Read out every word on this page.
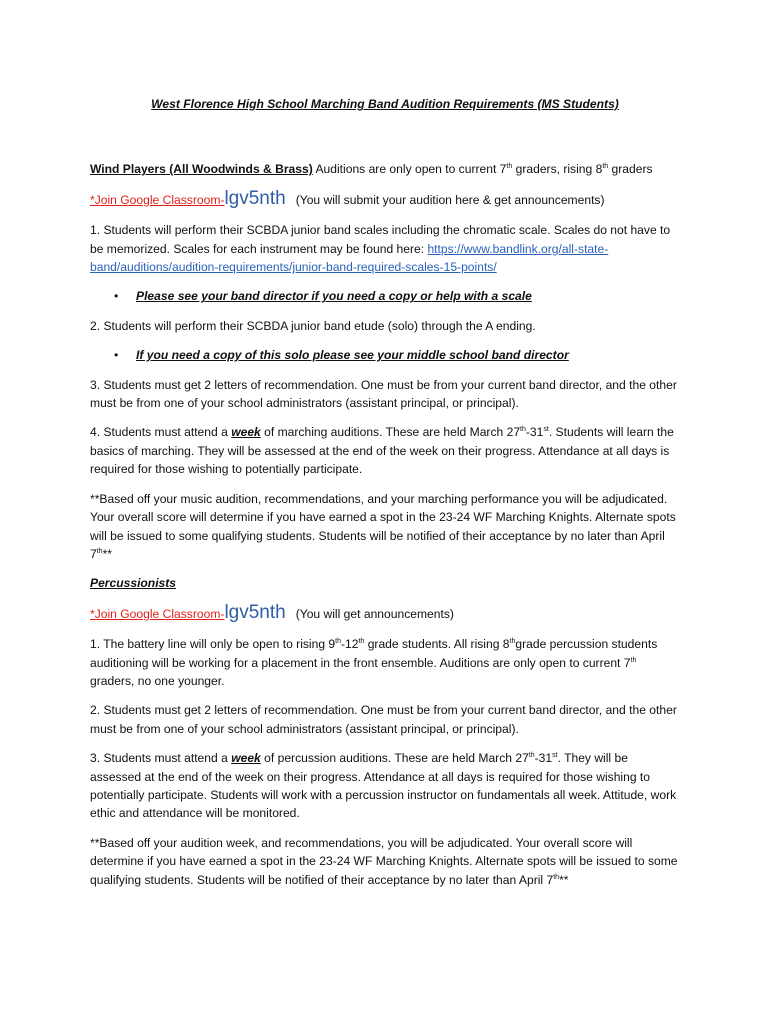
West Florence High School Marching Band Audition Requirements (MS Students)

Wind Players (All Woodwinds & Brass) Auditions are only open to current 7th graders, rising 8th graders

*Join Google Classroom- lgv5nth (You will submit your audition here & get announcements)

1. Students will perform their SCBDA junior band scales including the chromatic scale. Scales do not have to be memorized. Scales for each instrument may be found here: https://www.bandlink.org/all-state-band/auditions/audition-requirements/junior-band-required-scales-15-points/

• Please see your band director if you need a copy or help with a scale

2. Students will perform their SCBDA junior band etude (solo) through the A ending.

• If you need a copy of this solo please see your middle school band director

3. Students must get 2 letters of recommendation. One must be from your current band director, and the other must be from one of your school administrators (assistant principal, or principal).

4. Students must attend a week of marching auditions. These are held March 27th-31st. Students will learn the basics of marching. They will be assessed at the end of the week on their progress. Attendance at all days is required for those wishing to potentially participate.

**Based off your music audition, recommendations, and your marching performance you will be adjudicated. Your overall score will determine if you have earned a spot in the 23-24 WF Marching Knights. Alternate spots will be issued to some qualifying students. Students will be notified of their acceptance by no later than April 7th**

Percussionists

*Join Google Classroom- lgv5nth (You will get announcements)

1. The battery line will only be open to rising 9th-12th grade students. All rising 8thgrade percussion students auditioning will be working for a placement in the front ensemble. Auditions are only open to current 7th graders, no one younger.

2. Students must get 2 letters of recommendation. One must be from your current band director, and the other must be from one of your school administrators (assistant principal, or principal).

3. Students must attend a week of percussion auditions. These are held March 27th-31st. They will be assessed at the end of the week on their progress. Attendance at all days is required for those wishing to potentially participate. Students will work with a percussion instructor on fundamentals all week. Attitude, work ethic and attendance will be monitored.

**Based off your audition week, and recommendations, you will be adjudicated. Your overall score will determine if you have earned a spot in the 23-24 WF Marching Knights. Alternate spots will be issued to some qualifying students. Students will be notified of their acceptance by no later than April 7th**
